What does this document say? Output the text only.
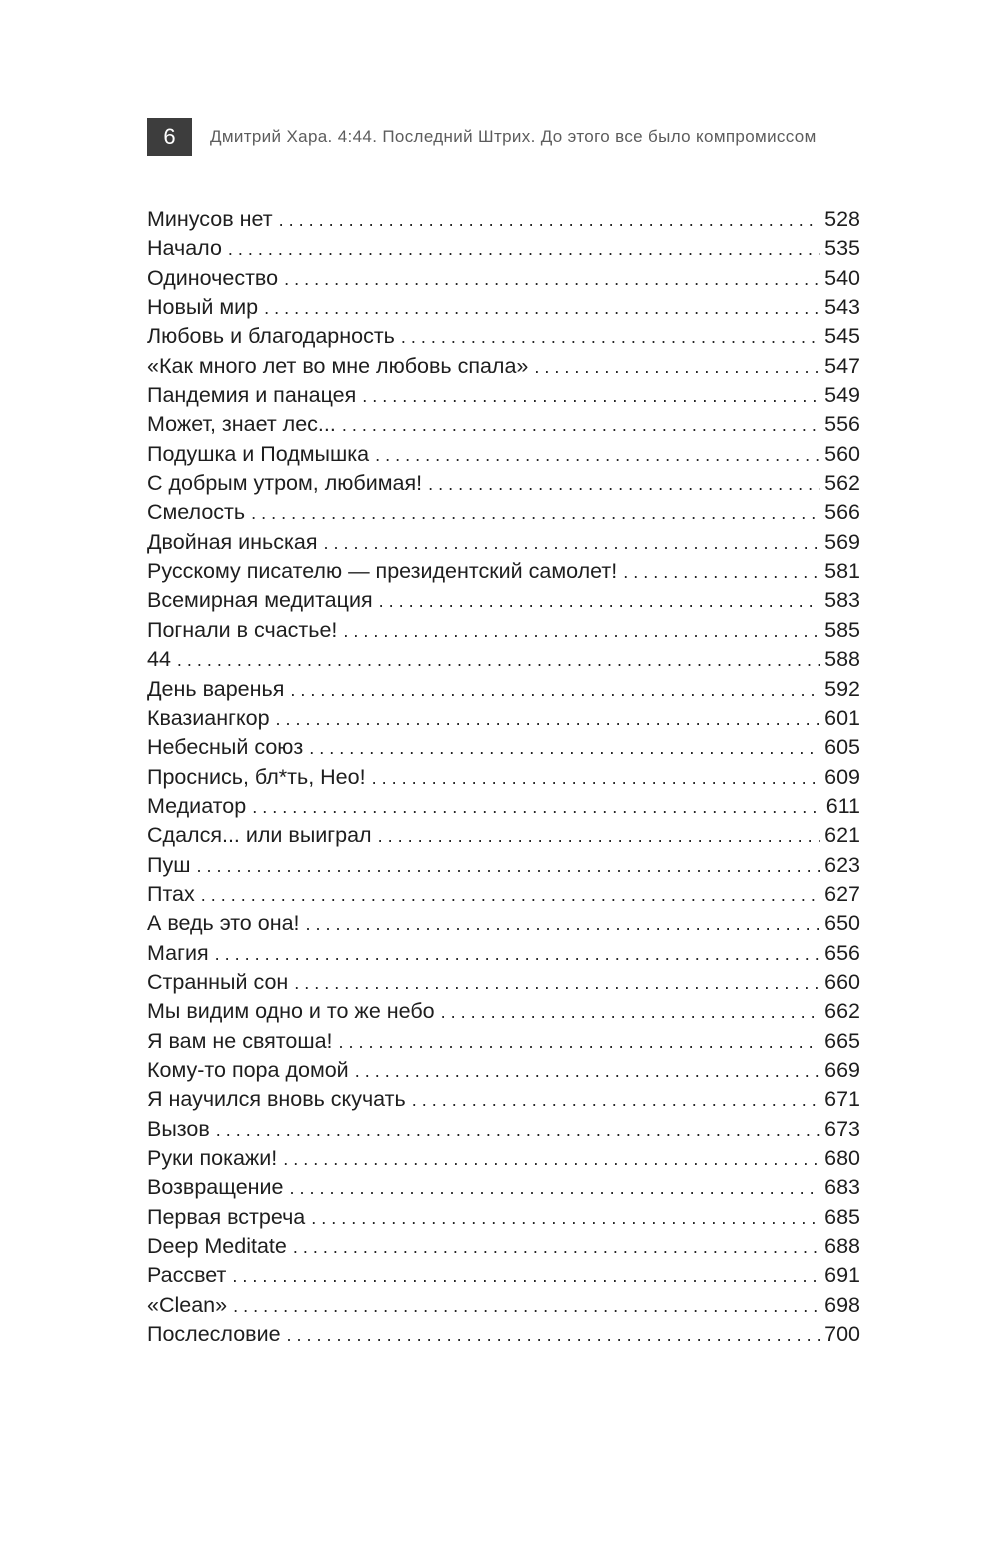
6	Дмитрий Хара. 4:44. Последний Штрих. До этого все было компромиссом
Минусов нет . . .	528
Начало . . .	535
Одиночество . . .	540
Новый мир . . .	543
Любовь и благодарность . . .	545
«Как много лет во мне любовь спала» . . .	547
Пандемия и панацея . . .	549
Может, знает лес... . . .	556
Подушка и Подмышка . . .	560
С добрым утром, любимая! . . .	562
Смелость . . .	566
Двойная иньская . . .	569
Русскому писателю — президентский самолет! . . .	581
Всемирная медитация . . .	583
Погнали в счастье! . . .	585
44 . . .	588
День варенья . . .	592
Квазиангкор . . .	601
Небесный союз . . .	605
Проснись, бл*ть, Нео! . . .	609
Медиатор . . .	611
Сдался... или выиграл . . .	621
Пуш . . .	623
Птах . . .	627
А ведь это она! . . .	650
Магия . . .	656
Странный сон . . .	660
Мы видим одно и то же небо . . .	662
Я вам не святоша! . . .	665
Кому-то пора домой . . .	669
Я научился вновь скучать . . .	671
Вызов . . .	673
Руки покажи! . . .	680
Возвращение . . .	683
Первая встреча . . .	685
Deep Meditate . . .	688
Рассвет . . .	691
«Clean» . . .	698
Послесловие . . .	700
